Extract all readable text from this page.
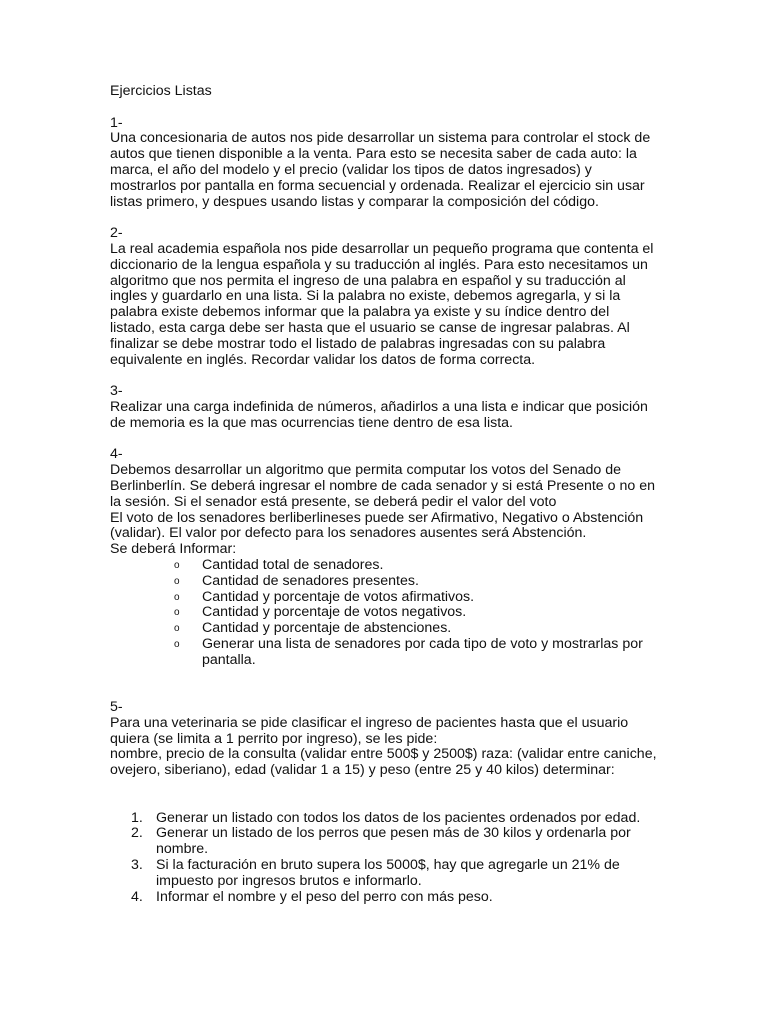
Ejercicios Listas
1-
Una concesionaria de autos nos pide desarrollar un sistema para controlar el stock de autos que tienen disponible a la venta. Para esto se necesita saber de cada auto: la marca, el año del modelo y el precio (validar los tipos de datos ingresados) y mostrarlos por pantalla en forma secuencial y ordenada. Realizar el ejercicio sin usar listas primero, y despues usando listas y comparar la composición del código.
2-
La real academia española nos pide desarrollar un pequeño programa que contenta el diccionario de la lengua española y su traducción al inglés. Para esto necesitamos un algoritmo que nos permita el ingreso de una palabra en español y su traducción al ingles y guardarlo en una lista. Si la palabra no existe, debemos agregarla, y si la palabra existe debemos informar que la palabra ya existe y su índice dentro del listado, esta carga debe ser hasta que el usuario se canse de ingresar palabras. Al finalizar se debe mostrar todo el listado de palabras ingresadas con su palabra equivalente en inglés. Recordar validar los datos de forma correcta.
3-
Realizar una carga indefinida de números, añadirlos a una lista e indicar que posición de memoria es la que mas ocurrencias tiene dentro de esa lista.
4-
Debemos desarrollar un algoritmo que permita computar los votos del Senado de Berlinberlín. Se deberá ingresar el nombre de cada senador y si está Presente o no en la sesión. Si el senador está presente, se deberá pedir el valor del voto
El voto de los senadores berliberlineses puede ser Afirmativo, Negativo o Abstención (validar). El valor por defecto para los senadores ausentes será Abstención.
Se deberá Informar:
o Cantidad total de senadores.
o Cantidad de senadores presentes.
o Cantidad y porcentaje de votos afirmativos.
o Cantidad y porcentaje de votos negativos.
o Cantidad y porcentaje de abstenciones.
o Generar una lista de senadores por cada tipo de voto y mostrarlas por pantalla.
5-
Para una veterinaria se pide clasificar el ingreso de pacientes hasta que el usuario quiera (se limita a 1 perrito por ingreso), se les pide:
nombre, precio de la consulta (validar entre 500$ y 2500$) raza: (validar entre caniche, ovejero, siberiano), edad (validar 1 a 15) y peso (entre 25 y 40 kilos) determinar:
1. Generar un listado con todos los datos de los pacientes ordenados por edad.
2. Generar un listado de los perros que pesen más de 30 kilos y ordenarla por nombre.
3. Si la facturación en bruto supera los 5000$, hay que agregarle un 21% de impuesto por ingresos brutos e informarlo.
4. Informar el nombre y el peso del perro con más peso.
